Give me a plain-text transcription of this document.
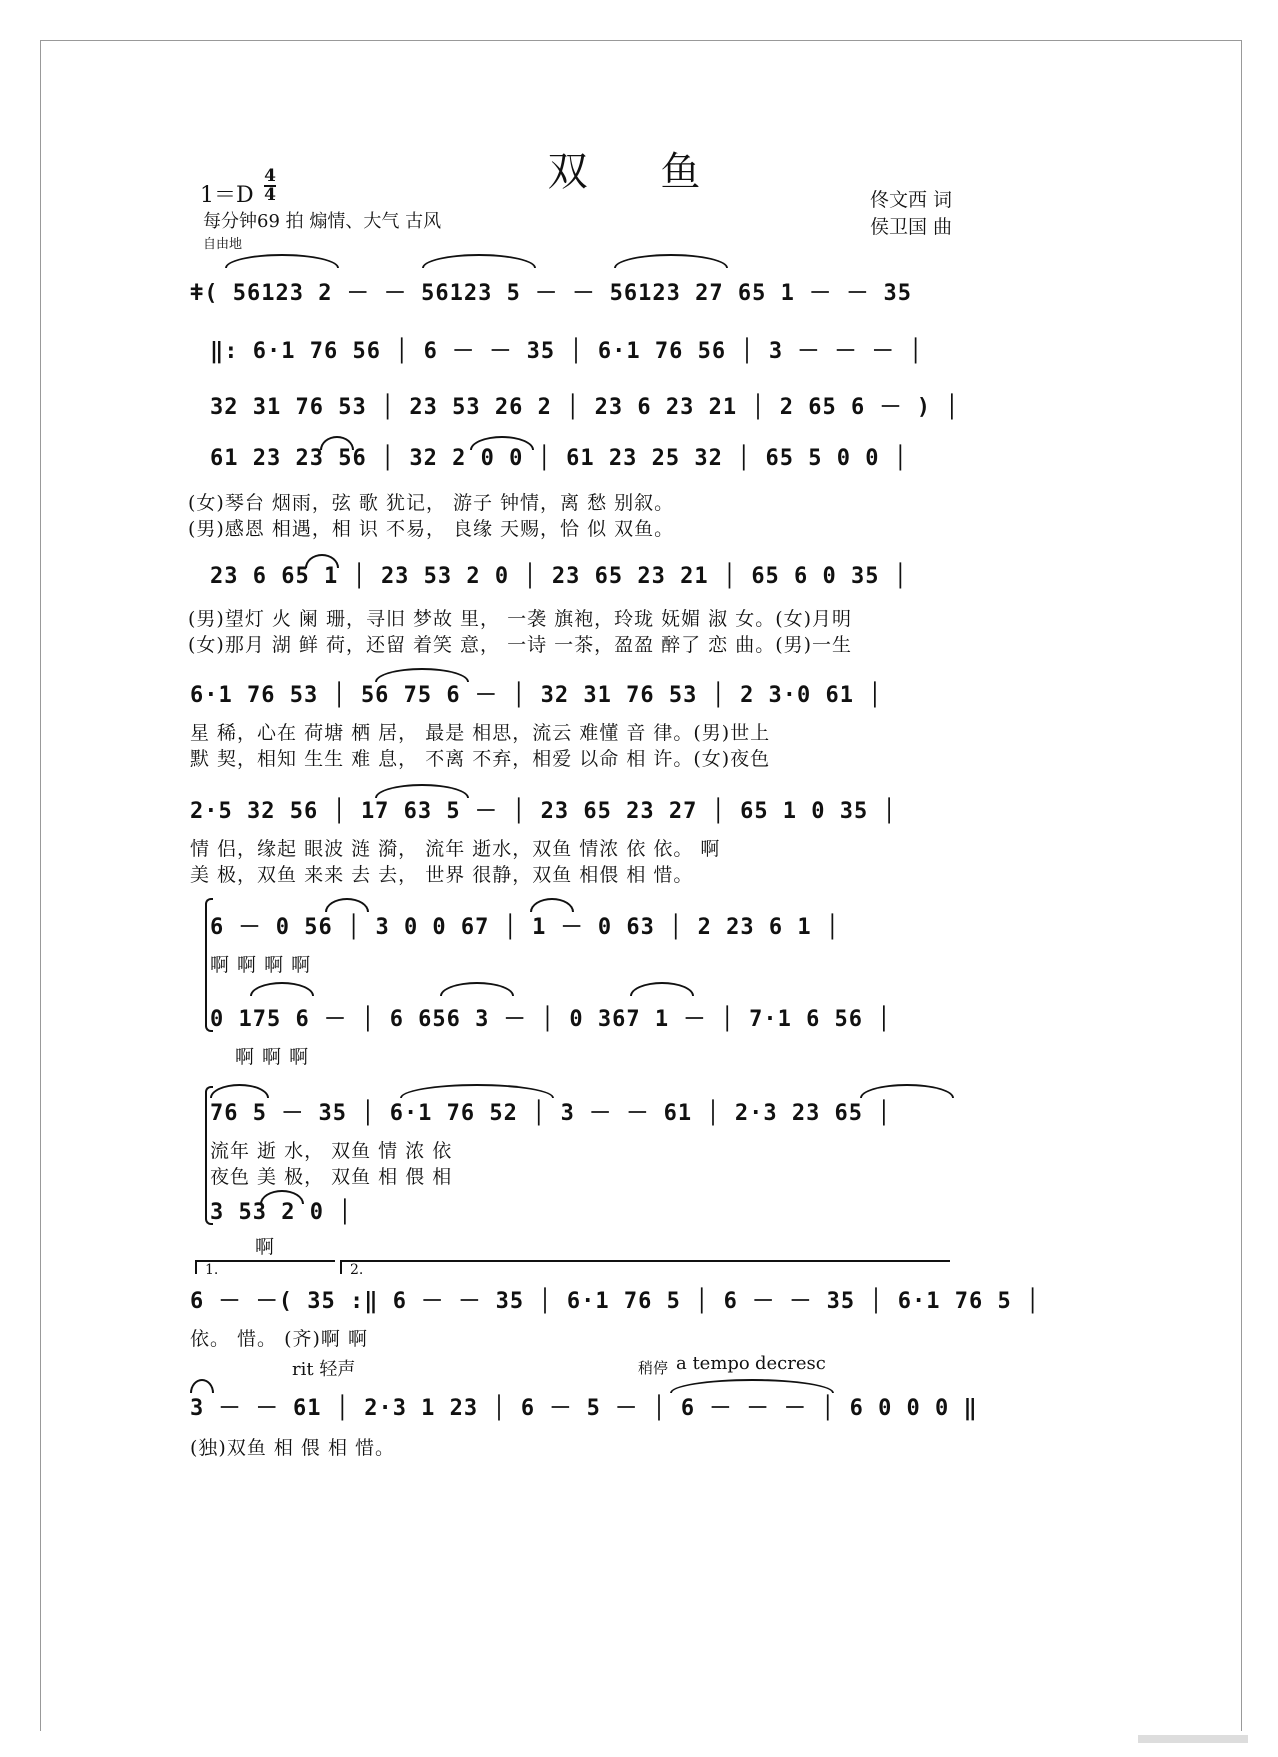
双 鱼
1＝D
4
4
每分钟69 拍 煽情、大气 古风
自由地
佟文西 词
侯卫国 曲
ǂ( 56123 2 － － 56123 5 － － 56123 27 65 1 － － 35
‖: 6·1 76 56 │ 6 － － 35 │ 6·1 76 56 │ 3 － － － │
32 31 76 53 │ 23 53 26 2 │ 23 6 23 21 │ 2 65 6 － ) │
61 23 23 56 │ 32 2 0 0 │ 61 23 25 32 │ 65 5 0 0 │
(女)琴台 烟雨，弦 歌 犹记， 游子 钟情，离 愁 别叙。
(男)感恩 相遇，相 识 不易， 良缘 天赐，恰 似 双鱼。
23 6 65 1 │ 23 53 2 0 │ 23 65 23 21 │ 65 6 0 35 │
(男)望灯 火 阑 珊，寻旧 梦故 里， 一袭 旗袍，玲珑 妩媚 淑 女。(女)月明
(女)那月 湖 鲜 荷，还留 着笑 意， 一诗 一茶，盈盈 醉了 恋 曲。(男)一生
6·1 76 53 │ 56 75 6 － │ 32 31 76 53 │ 2 3·0 61 │
星 稀，心在 荷塘 栖 居， 最是 相思，流云 难懂 音 律。(男)世上
默 契，相知 生生 难 息， 不离 不弃，相爱 以命 相 许。(女)夜色
2·5 32 56 │ 17 63 5 － │ 23 65 23 27 │ 65 1 0 35 │
情 侣，缘起 眼波 涟 漪， 流年 逝水，双鱼 情浓 依 依。 啊
美 极，双鱼 来来 去 去， 世界 很静，双鱼 相偎 相 惜。
6 － 0 56 │ 3 0 0 67 │ 1 － 0 63 │ 2 23 6 1 │
啊 啊 啊 啊
0 175 6 － │ 6 656 3 － │ 0 367 1 － │ 7·1 6 56 │
啊 啊 啊
76 5 － 35 │ 6·1 76 52 │ 3 － － 61 │ 2·3 23 65 │
流年 逝 水， 双鱼 情 浓 依
夜色 美 极， 双鱼 相 偎 相
3 53 2 0 │
啊
1.	2.
6 － －( 35 :‖ 6 － － 35 │ 6·1 76 5 │ 6 － － 35 │ 6·1 76 5 │
依。 惜。 (齐)啊 啊
rit 轻声	稍停 a tempo decresc
3 － － 61 │ 2·3 1 23 │ 6 － 5 － │ 6 － － － │ 6 0 0 0 ‖
(独)双鱼 相 偎 相 惜。
